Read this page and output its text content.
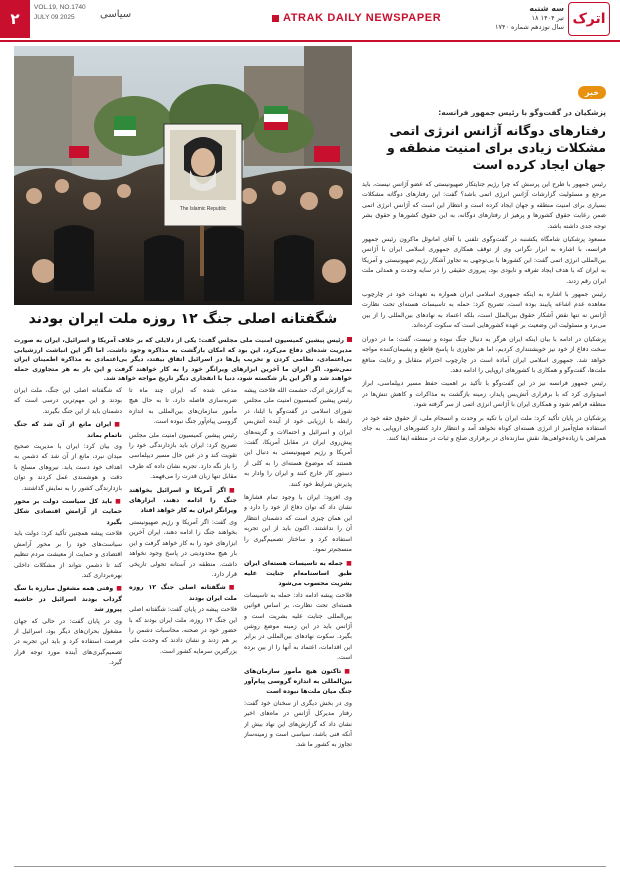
۲
VOL.19, NO.1740
JULY 09 2025	سیاسی	ATRAK DAILY NEWSPAPER
سه شنبه
۱۸ تیر ۱۴۰۴
سال نوزدهم شماره ۱۷۴۰ اترک
The Islamic Republic
شگفتانه اصلی جنگ ۱۲ روزه ملت ایران بودند
خبر
پزشکیان در گفت‌وگو با رئیس جمهور فرانسه:
رفتارهای دوگانه آژانس انرژی اتمی مشکلات زیادی برای امنیت منطقه و جهان ایجاد کرده است

رئیس جمهور با طرح این پرسش که چرا رژیم جنایتکار صهیونیستی که عضو آژانس نیست، باید مرجع و مسئولیت گزارشات آژانس انرژی اتمی باشد؟ گفت: این رفتارهای دوگانه مشکلات بسیاری برای امنیت منطقه و جهان ایجاد کرده است و انتظار این است که آژانس انرژی اتمی ضمن رعایت حقوق کشورها و پرهیز از رفتارهای دوگانه، به این حقوق کشورها و حقوق بشر توجه جدی داشته باشد.

مسعود پزشکیان شامگاه یکشنبه در گفت‌وگوی تلفنی با آقای امانوئل ماکرون رئیس جمهور فرانسه، با اشاره به ابزار نگرانی وی از توقف همکاری جمهوری اسلامی ایران با آژانس بین‌المللی انرژی اتمی گفت: این کشورها با بی‌توجهی به تجاوز آشکار رژیم صهیونیستی و آمریکا به ایران که با هدف ایجاد تفرقه و نابودی بود، پیروزی حقیقی را در سایه وحدت و همدلی ملت ایران رقم زدند.

رئیس جمهور با اشاره به اینکه جمهوری اسلامی ایران همواره به تعهدات خود در چارچوب معاهده عدم اشاعه پایبند بوده است، تصریح کرد: حمله به تاسیسات هسته‌ای تحت نظارت آژانس نه تنها نقض آشکار حقوق بین‌الملل است، بلکه اعتماد به نهادهای بین‌المللی را از بین می‌برد و مسئولیت این وضعیت بر عهده کشورهایی است که سکوت کرده‌اند.

پزشکیان در ادامه با بیان اینکه ایران هرگز به دنبال جنگ نبوده و نیست، گفت: ما در دوران سخت دفاع از خود نیز خویشتنداری کردیم، اما هر تجاوزی با پاسخ قاطع و پشیمان‌کننده مواجه خواهد شد. جمهوری اسلامی ایران آماده است در چارچوب احترام متقابل و رعایت منافع ملت‌ها، گفت‌وگو و همکاری با کشورهای اروپایی را ادامه دهد.

رئیس جمهور فرانسه نیز در این گفت‌وگو با تأکید بر اهمیت حفظ مسیر دیپلماسی، ابراز امیدواری کرد که با برقراری آتش‌بس پایدار، زمینه بازگشت به مذاکرات و کاهش تنش‌ها در منطقه فراهم شود و همکاری ایران با آژانس انرژی اتمی از سر گرفته شود.

پزشکیان در پایان تأکید کرد: ملت ایران با تکیه بر وحدت و انسجام ملی، از حقوق حقه خود در استفاده صلح‌آمیز از انرژی هسته‌ای کوتاه نخواهد آمد و انتظار دارد کشورهای اروپایی به جای همراهی با زیاده‌خواهی‌ها، نقش سازنده‌ای در برقراری صلح و ثبات در منطقه ایفا کنند.

رئیس پیشین کمیسیون امنیت ملی مجلس گفت: یکی از دلایلی که بر خلاف آمریکا و اسرائیل، ایران به صورت مدیریت شده‌ای دفاع می‌کرد، این بود که امکان بازگشت به مذاکره وجود داشت. اما اگر این انباشت ارزشیابی بی‌اعتمادی، نظامی کردن و تخریب پل‌ها در اسرائیل اتفاق بیفتد، دیگر بی‌اعتمادی به مذاکره اطمینان ایران نمی‌شود. اگر ایران ما آخرین ابزارهای ویرانگر خود را به کار خواهند گرفت و این بار به هر متجاوزی حمله خواهند شد و اگر این بار شکسته شود، دنیا با انفجاری دیگر تاریخ مواجه خواهد شد.

به گزارش اترک، حشمت الله فلاحت پیشه رئیس پیشین کمیسیون امنیت ملی مجلس شورای اسلامی در گفت‌وگو با ایلنا، در رابطه با ارزیابی خود از آینده آتش‌بس ایران و اسرائیل و احتمالات و گزینه‌های پیش‌روی ایران در مقابل آمریکا، گفت: آمریکا و رژیم صهیونیستی به دنبال این هستند که موضوع هسته‌ای را به کلی از دستور کار خارج کنند و ایران را وادار به پذیرش شرایط خود کنند.

وی افزود: ایران با وجود تمام فشارها نشان داد که توان دفاع از خود را دارد و این همان چیزی است که دشمنان انتظار آن را نداشتند. اکنون باید از این تجربه استفاده کرد و ساختار تصمیم‌گیری را منسجم‌تر نمود.

■ جمله به تاسیسات هسته‌ای ایران طبق اساسنامه‌ام‌ جنایت علیه بشریت محسوب می‌شود

فلاحت پیشه ادامه داد: حمله به تاسیسات هسته‌ای تحت نظارت، بر اساس قوانین بین‌المللی جنایت علیه بشریت است و آژانس باید در این زمینه موضع روشن بگیرد. سکوت نهادهای بین‌المللی در برابر این اقدامات، اعتماد به آنها را از بین برده است.

■ تاکنون هیچ مأمور سازمان‌های بین‌المللی به اندازه گروسی پیام‌آور جنگ میان ملت‌ها نبوده است

وی در بخش دیگری از سخنان خود گفت: رفتار مدیرکل آژانس در ماه‌های اخیر نشان داد که گزارش‌های این نهاد بیش از آنکه فنی باشد، سیاسی است و زمینه‌ساز تجاوز به کشور ما شد.

مدعی شده که ایران چند ماه تا ضربه‌سازی فاصله دارد، تا به حال هیچ مأمور سازمان‌های بین‌المللی به اندازه گروسی پیام‌آور جنگ نبوده است.

رئیس پیشین کمیسیون امنیت ملی مجلس تصریح کرد: ایران باید بازدارندگی خود را تقویت کند و در عین حال مسیر دیپلماسی را باز نگه دارد. تجربه نشان داده که طرف مقابل تنها زبان قدرت را می‌فهمد.

■ اگر آمریکا و اسرائیل بخواهند جنگ را ادامه دهند، ابزارهای ویرانگر ایران به کار خواهد افتاد

وی گفت: اگر آمریکا و رژیم صهیونیستی بخواهند جنگ را ادامه دهند، ایران آخرین ابزارهای خود را به کار خواهد گرفت و این بار هیچ محدودیتی در پاسخ وجود نخواهد داشت. منطقه در آستانه تحولی تاریخی قرار دارد.

■ شگفتانه اصلی جنگ ۱۲ روزه ملت ایران بودند

فلاحت پیشه در پایان گفت: شگفتانه اصلی این جنگ ۱۲ روزه، ملت ایران بودند که با حضور خود در صحنه، محاسبات دشمن را بر هم زدند و نشان دادند که وحدت ملی بزرگترین سرمایه کشور است.

که شگفتانه اصلی این جنگ، ملت ایران بودند و این مهم‌ترین درسی است که دشمنان باید از این جنگ بگیرند.

■ ایران مانع از آن شد که جنگ ناتمام بماند

وی بیان کرد: ایران با مدیریت صحیح میدان نبرد، مانع از آن شد که دشمن به اهداف خود دست یابد. نیروهای مسلح با دقت و هوشمندی عمل کردند و توان بازدارندگی کشور را به نمایش گذاشتند.

■ باید کل سیاست دولت بر محور حمایت از آرامش اقتصادی شکل بگیرد

فلاحت پیشه همچنین تأکید کرد: دولت باید سیاست‌های خود را بر محور آرامش اقتصادی و حمایت از معیشت مردم تنظیم کند تا دشمن نتواند از مشکلات داخلی بهره‌برداری کند.

■ وقتی همه مشغول مبارزه با سگ گرداب بودند اسرائیل در حاشیه پیروز شد

وی در پایان گفت: در حالی که جهان مشغول بحران‌های دیگر بود، اسرائیل از فرصت استفاده کرد و باید این تجربه در تصمیم‌گیری‌های آینده مورد توجه قرار گیرد.
